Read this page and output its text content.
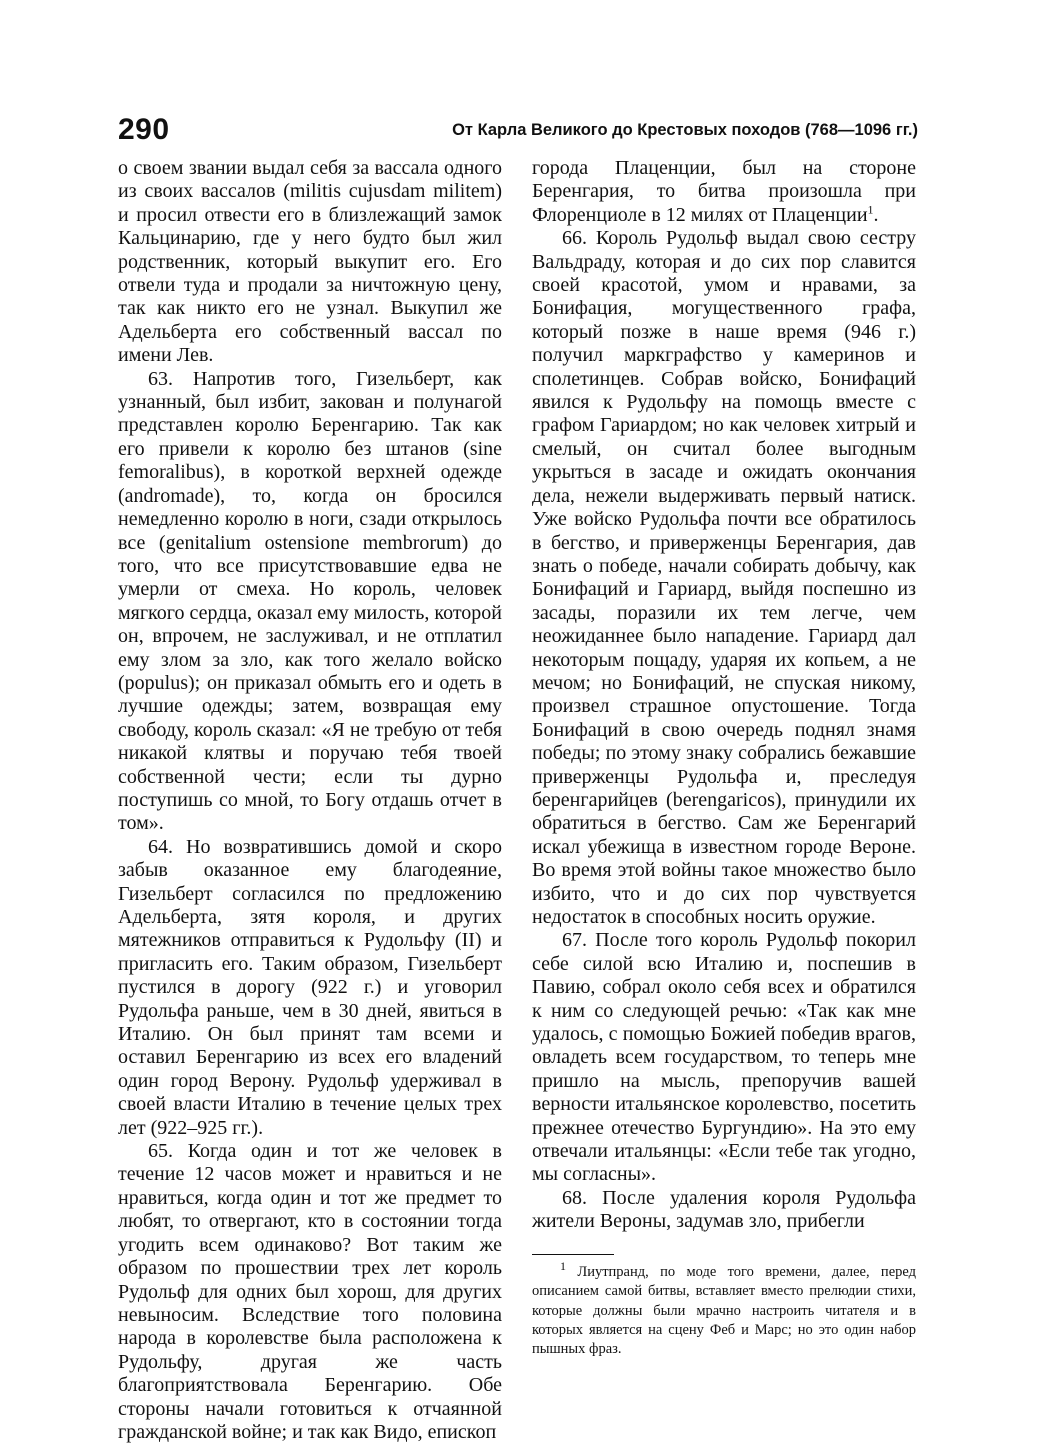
290	От Карла Великого до Крестовых походов (768—1096 гг.)

о своем звании выдал себя за вассала одного из своих вассалов (militis cujusdam militem) и просил отвести его в близлежащий замок Кальцинарию, где у него будто был жил родственник, который выкупит его. Его отвели туда и продали за ничтожную цену, так как никто его не узнал. Выкупил же Адельберта его собственный вассал по имени Лев.

63. Напротив того, Гизельберт, как узнанный, был избит, закован и полунагой представлен королю Беренгарию. Так как его привели к королю без штанов (sine femoralibus), в короткой верхней одежде (andromade), то, когда он бросился немедленно королю в ноги, сзади открылось все (genitalium ostensione membrorum) до того, что все присутствовавшие едва не умерли от смеха. Но король, человек мягкого сердца, оказал ему милость, которой он, впрочем, не заслуживал, и не отплатил ему злом за зло, как того желало войско (populus); он приказал обмыть его и одеть в лучшие одежды; затем, возвращая ему свободу, король сказал: «Я не требую от тебя никакой клятвы и поручаю тебя твоей собственной чести; если ты дурно поступишь со мной, то Богу отдашь отчет в том».

64. Но возвратившись домой и скоро забыв оказанное ему благодеяние, Гизельберт согласился по предложению Адельберта, зятя короля, и других мятежников отправиться к Рудольфу (II) и пригласить его. Таким образом, Гизельберт пустился в дорогу (922 г.) и уговорил Рудольфа раньше, чем в 30 дней, явиться в Италию. Он был принят там всеми и оставил Беренгарию из всех его владений один город Верону. Рудольф удерживал в своей власти Италию в течение целых трех лет (922–925 гг.).

65. Когда один и тот же человек в течение 12 часов может и нравиться и не нравиться, когда один и тот же предмет то любят, то отвергают, кто в состоянии тогда угодить всем одинаково? Вот таким же образом по прошествии трех лет король Рудольф для одних был хорош, для других невыносим. Вследствие того половина народа в королевстве была расположена к Рудольфу, другая же часть благоприятствовала Беренгарию. Обе стороны начали готовиться к отчаянной гражданской войне; и так как Видо, епископ

города Плаценции, был на стороне Беренгария, то битва произошла при Флоренциоле в 12 милях от Плаценции$^1$.

66. Король Рудольф выдал свою сестру Вальдраду, которая и до сих пор славится своей красотой, умом и нравами, за Бонифация, могущественного графа, который позже в наше время (946 г.) получил маркграфство у камеринов и сполетинцев. Собрав войско, Бонифаций явился к Рудольфу на помощь вместе с графом Гариардом; но как человек хитрый и смелый, он считал более выгодным укрыться в засаде и ожидать окончания дела, нежели выдерживать первый натиск. Уже войско Рудольфа почти все обратилось в бегство, и приверженцы Беренгария, дав знать о победе, начали собирать добычу, как Бонифаций и Гариард, выйдя поспешно из засады, поразили их тем легче, чем неожиданнее было нападение. Гариард дал некоторым пощаду, ударяя их копьем, а не мечом; но Бонифаций, не спуская никому, произвел страшное опустошение. Тогда Бонифаций в свою очередь поднял знамя победы; по этому знаку собрались бежавшие приверженцы Рудольфа и, преследуя беренгарийцев (berengaricos), принудили их обратиться в бегство. Сам же Беренгарий искал убежища в известном городе Вероне. Во время этой войны такое множество было избито, что и до сих пор чувствуется недостаток в способных носить оружие.

67. После того король Рудольф покорил себе силой всю Италию и, поспешив в Павию, собрал около себя всех и обратился к ним со следующей речью: «Так как мне удалось, с помощью Божией победив врагов, овладеть всем государством, то теперь мне пришло на мысль, препоручив вашей верности итальянское королевство, посетить прежнее отечество Бургундию». На это ему отвечали итальянцы: «Если тебе так угодно, мы согласны».

68. После удаления короля Рудольфа жители Вероны, задумав зло, прибегли

$^1$ Лиутпранд, по моде того времени, далее, перед описанием самой битвы, вставляет вместо прелюдии стихи, которые должны были мрачно настроить читателя и в которых является на сцену Феб и Марс; но это один набор пышных фраз.
